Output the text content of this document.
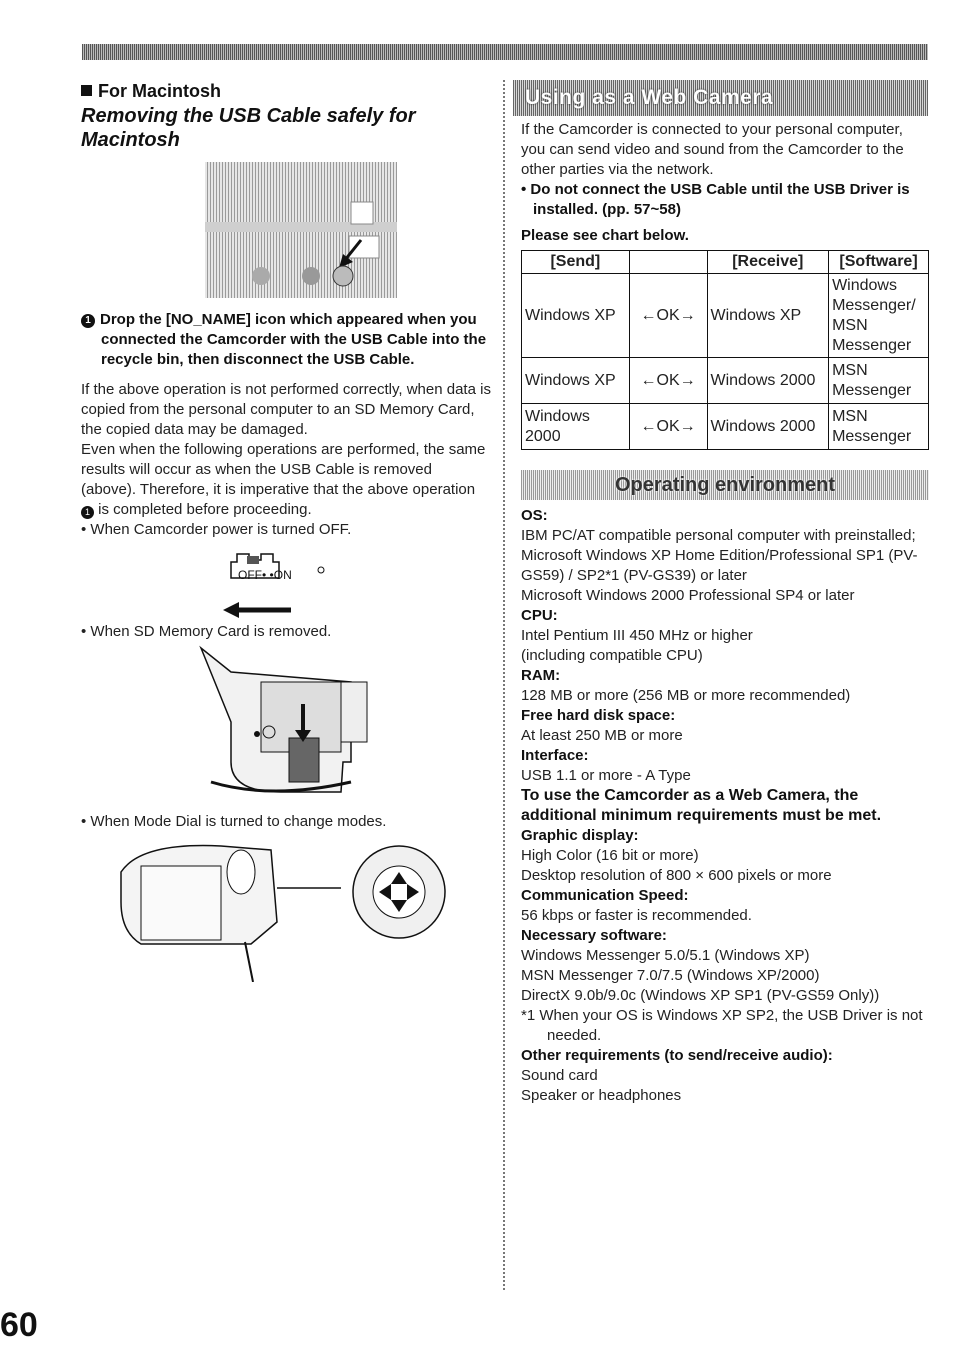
For Macintosh

Removing the USB Cable safely for Macintosh

1 Drop the [NO_NAME] icon which appeared when you connected the Camcorder with the USB Cable into the recycle bin, then disconnect the USB Cable.

If the above operation is not performed correctly, when data is copied from the personal computer to an SD Memory Card, the copied data may be damaged.

Even when the following operations are performed, the same results will occur as when the USB Cable is removed (above). Therefore, it is imperative that the above operation 1 is completed before proceeding.

• When Camcorder power is turned OFF.

OFF• •ON

• When SD Memory Card is removed.

• When Mode Dial is turned to change modes.

Using as a Web Camera

If the Camcorder is connected to your personal computer, you can send video and sound from the Camcorder to the other parties via the network.

• Do not connect the USB Cable until the USB Driver is installed. (pp. 57~58)

Please see chart below.

[Send]		[Receive]	[Software]
Windows XP	←OK→	Windows XP	Windows Messenger/ MSN Messenger
Windows XP	←OK→	Windows 2000	MSN Messenger
Windows 2000	←OK→	Windows 2000	MSN Messenger
Operating environment

OS:

IBM PC/AT compatible personal computer with preinstalled;

Microsoft Windows XP Home Edition/Professional SP1 (PV-GS59) / SP2*1 (PV-GS39) or later

Microsoft Windows 2000 Professional SP4 or later

CPU:

Intel Pentium III 450 MHz or higher

(including compatible CPU)

RAM:

128 MB or more (256 MB or more recommended)

Free hard disk space:

At least 250 MB or more

Interface:

USB 1.1 or more - A Type

To use the Camcorder as a Web Camera, the additional minimum requirements must be met.

Graphic display:

High Color (16 bit or more)

Desktop resolution of 800 × 600 pixels or more

Communication Speed:

56 kbps or faster is recommended.

Necessary software:

Windows Messenger 5.0/5.1 (Windows XP)

MSN Messenger 7.0/7.5 (Windows XP/2000)

DirectX 9.0b/9.0c (Windows XP SP1 (PV-GS59 Only))

*1 When your OS is Windows XP SP2, the USB Driver is not needed.

Other requirements (to send/receive audio):

Sound card

Speaker or headphones

60
